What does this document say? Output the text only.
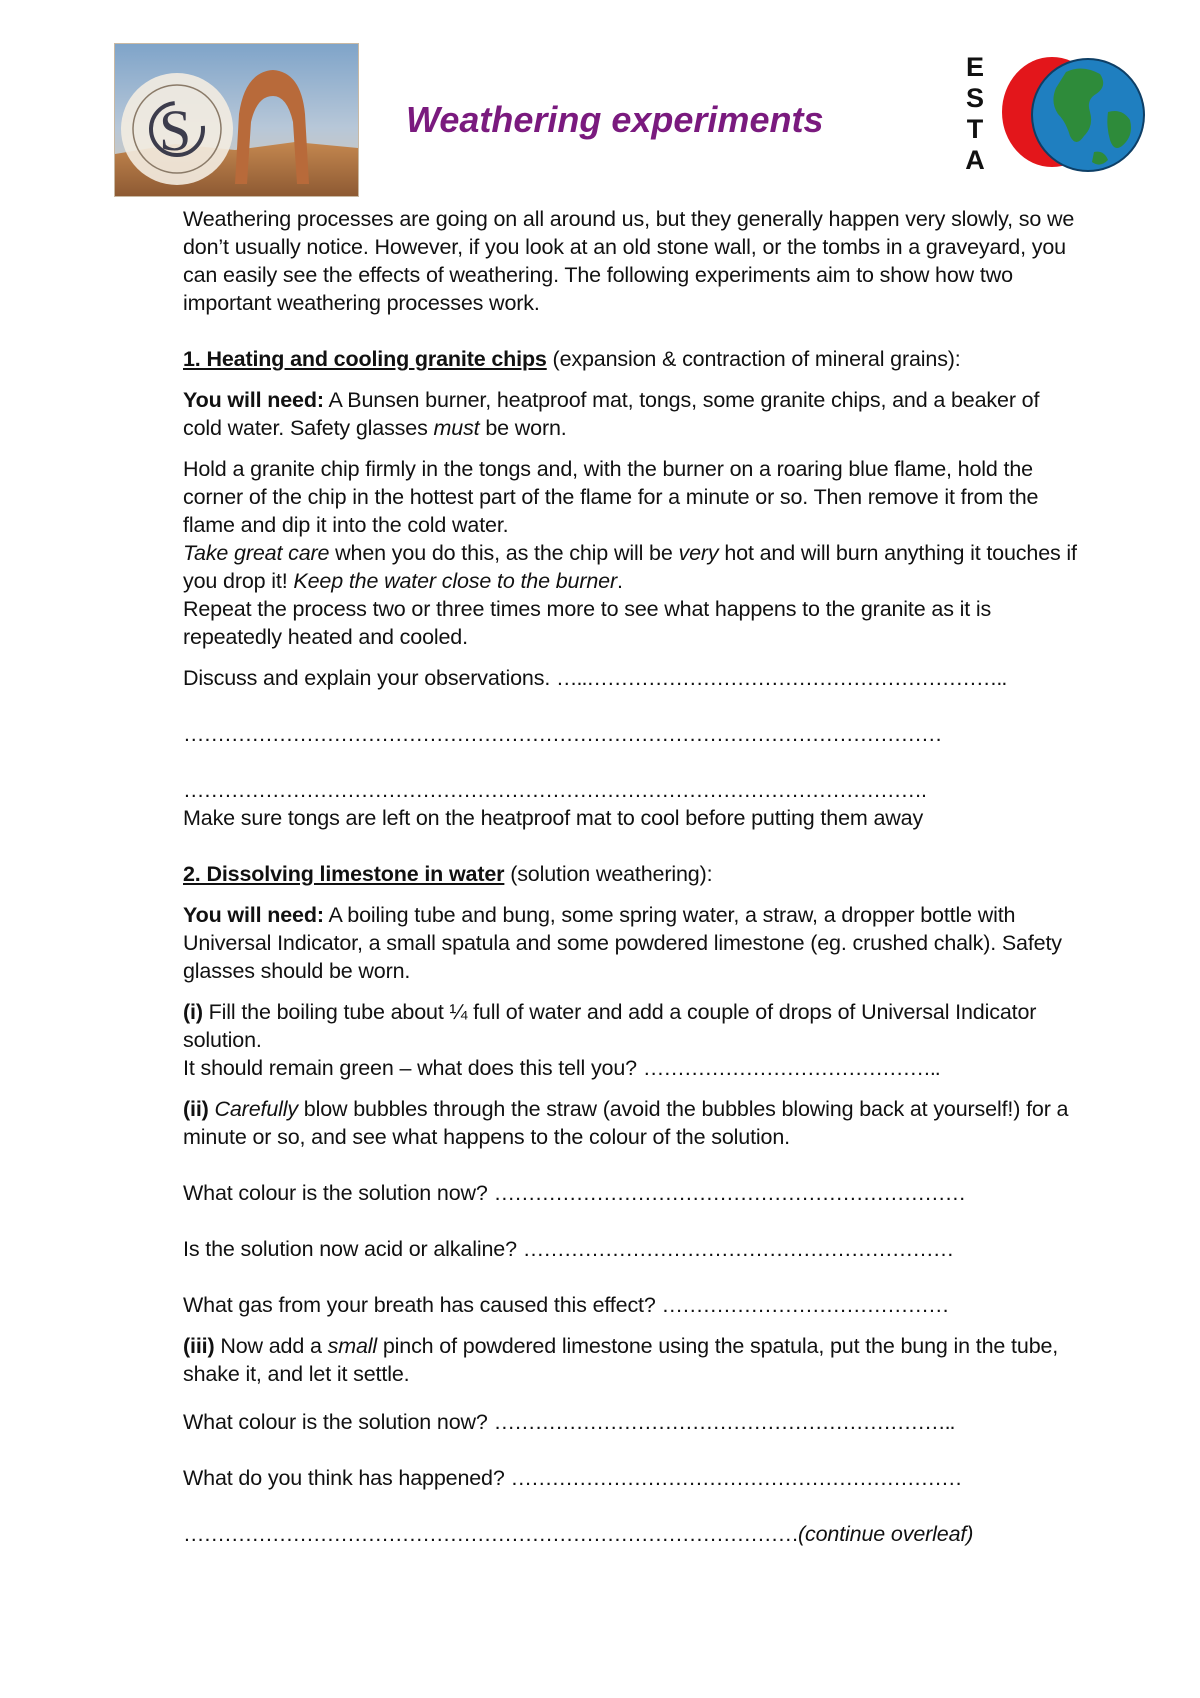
S	Weathering experiments
E
S
T
A

Weathering processes are going on all around us, but they generally happen very slowly, so we don’t usually notice. However, if you look at an old stone wall, or the tombs in a graveyard, you can easily see the effects of weathering. The following experiments aim to show how two important weathering processes work.

1. Heating and cooling granite chips (expansion & contraction of mineral grains):

You will need: A Bunsen burner, heatproof mat, tongs, some granite chips, and a beaker of cold water. Safety glasses must be worn.

Hold a granite chip firmly in the tongs and, with the burner on a roaring blue flame, hold the corner of the chip in the hottest part of the flame for a minute or so. Then remove it from the flame and dip it into the cold water.

Take great care when you do this, as the chip will be very hot and will burn anything it touches if you drop it! Keep the water close to the burner.

Repeat the process two or three times more to see what happens to the granite as it is repeatedly heated and cooled.

Discuss and explain your observations. …..……………………………………………………..

…………………………………………………………………………………………………

……………………………………………………………………………………………….

Make sure tongs are left on the heatproof mat to cool before putting them away

2. Dissolving limestone in water (solution weathering):

You will need: A boiling tube and bung, some spring water, a straw, a dropper bottle with Universal Indicator, a small spatula and some powdered limestone (eg. crushed chalk). Safety glasses should be worn.

(i) Fill the boiling tube about ¼ full of water and add a couple of drops of Universal Indicator solution.

It should remain green – what does this tell you? ……………………………………..

(ii) Carefully blow bubbles through the straw (avoid the bubbles blowing back at yourself!) for a minute or so, and see what happens to the colour of the solution.

What colour is the solution now? ……………………………………………………………

Is the solution now acid or alkaline? ………………………………………………………

What gas from your breath has caused this effect? ……………………………………

(iii) Now add a small pinch of powdered limestone using the spatula, put the bung in the tube, shake it, and let it settle.

What colour is the solution now? …………………………………………………………..

What do you think has happened? …………………………………………………………

………………………………………………………………………………(continue overleaf)
